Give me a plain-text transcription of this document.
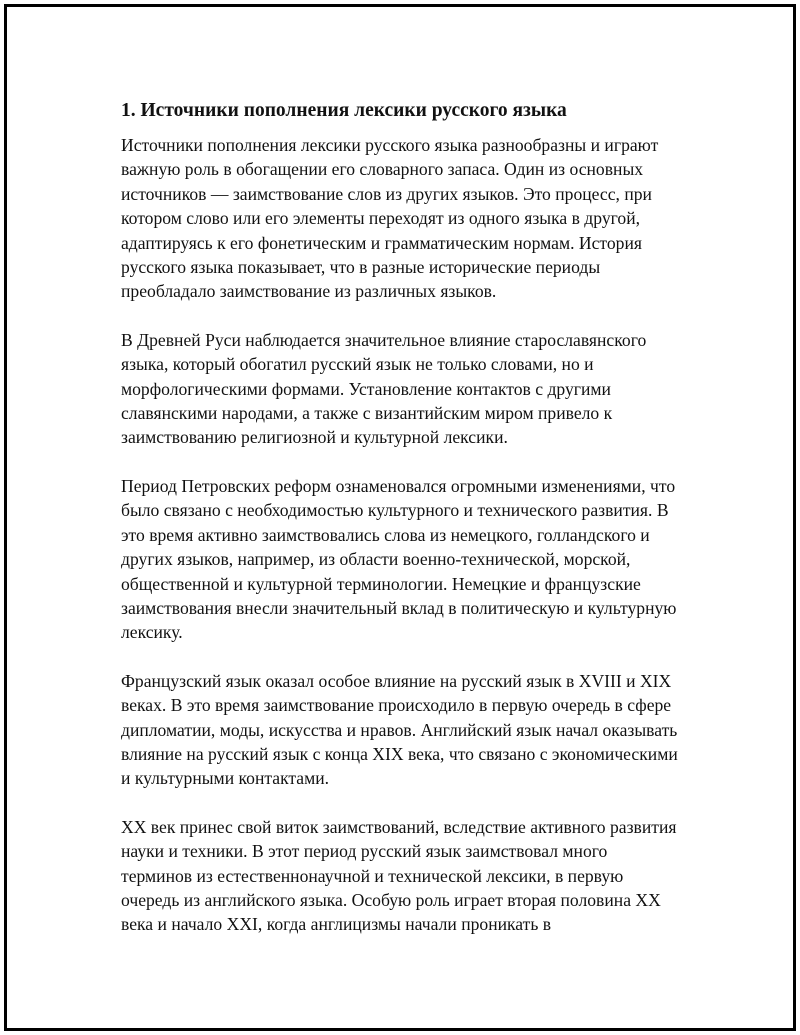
1. Источники пополнения лексики русского языка

Источники пополнения лексики русского языка разнообразны и играют важную роль в обогащении его словарного запаса. Один из основных источников — заимствование слов из других языков. Это процесс, при котором слово или его элементы переходят из одного языка в другой, адаптируясь к его фонетическим и грамматическим нормам. История русского языка показывает, что в разные исторические периоды преобладало заимствование из различных языков.

В Древней Руси наблюдается значительное влияние старославянского языка, который обогатил русский язык не только словами, но и морфологическими формами. Установление контактов с другими славянскими народами, а также с византийским миром привело к заимствованию религиозной и культурной лексики.

Период Петровских реформ ознаменовался огромными изменениями, что было связано с необходимостью культурного и технического развития. В это время активно заимствовались слова из немецкого, голландского и других языков, например, из области военно-технической, морской, общественной и культурной терминологии. Немецкие и французские заимствования внесли значительный вклад в политическую и культурную лексику.

Французский язык оказал особое влияние на русский язык в XVIII и XIX веках. В это время заимствование происходило в первую очередь в сфере дипломатии, моды, искусства и нравов. Английский язык начал оказывать влияние на русский язык с конца XIX века, что связано с экономическими и культурными контактами.

XX век принес свой виток заимствований, вследствие активного развития науки и техники. В этот период русский язык заимствовал много терминов из естественнонаучной и технической лексики, в первую очередь из английского языка. Особую роль играет вторая половина XX века и начало XXI, когда англицизмы начали проникать в
